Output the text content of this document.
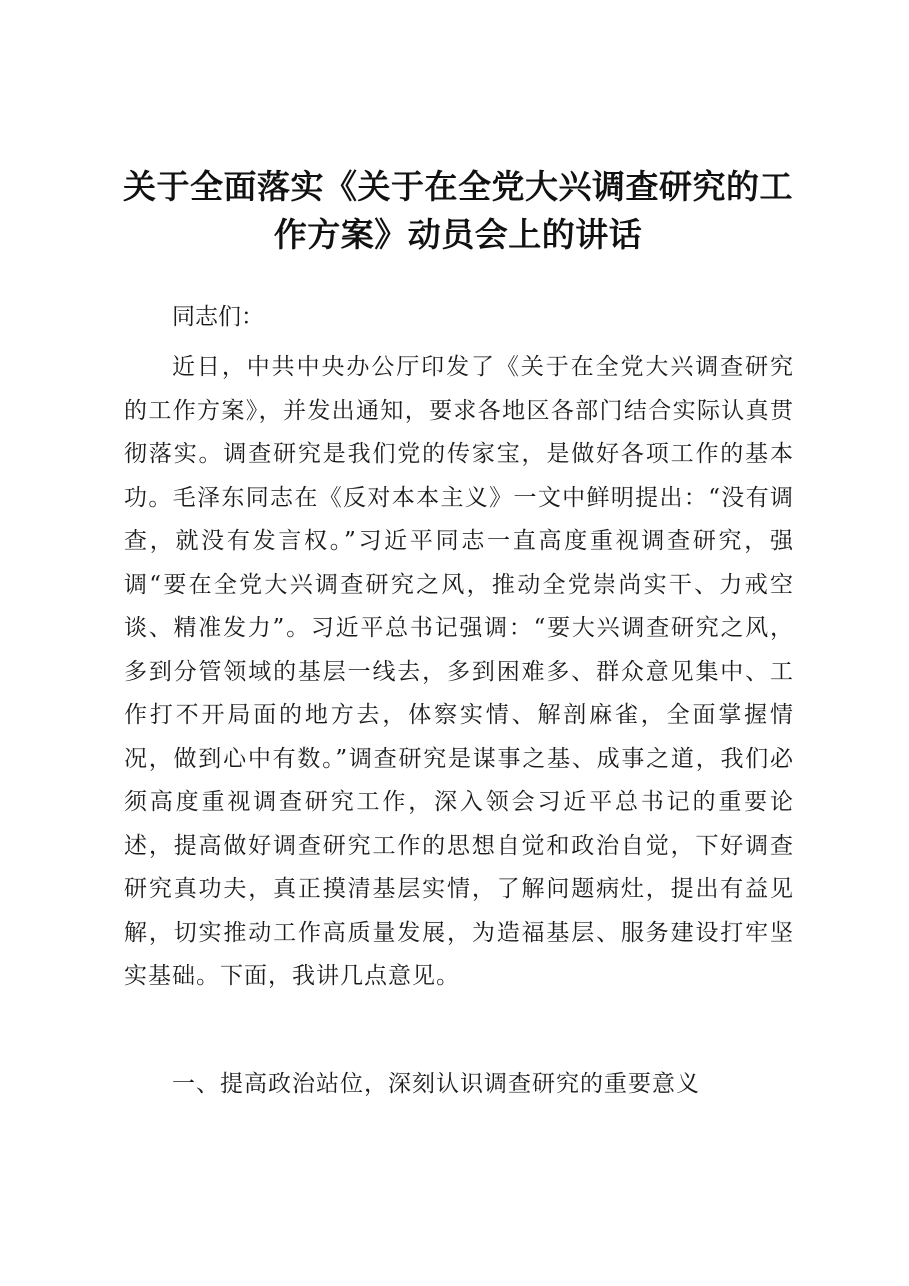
关于全面落实《关于在全党大兴调查研究的工作方案》动员会上的讲话
同志们：
近日，中共中央办公厅印发了《关于在全党大兴调查研究的工作方案》，并发出通知，要求各地区各部门结合实际认真贯彻落实。调查研究是我们党的传家宝，是做好各项工作的基本功。毛泽东同志在《反对本本主义》一文中鲜明提出：“没有调查，就没有发言权。”习近平同志一直高度重视调查研究，强调“要在全党大兴调查研究之风，推动全党崇尚实干、力戒空谈、精准发力”。习近平总书记强调：“要大兴调查研究之风，多到分管领域的基层一线去，多到困难多、群众意见集中、工作打不开局面的地方去，体察实情、解剖麻雀，全面掌握情况，做到心中有数。”调查研究是谋事之基、成事之道，我们必须高度重视调查研究工作，深入领会习近平总书记的重要论述，提高做好调查研究工作的思想自觉和政治自觉，下好调查研究真功夫，真正摸清基层实情，了解问题病灶，提出有益见解，切实推动工作高质量发展，为造福基层、服务建设打牢坚实基础。下面，我讲几点意见。
一、提高政治站位，深刻认识调查研究的重要意义
